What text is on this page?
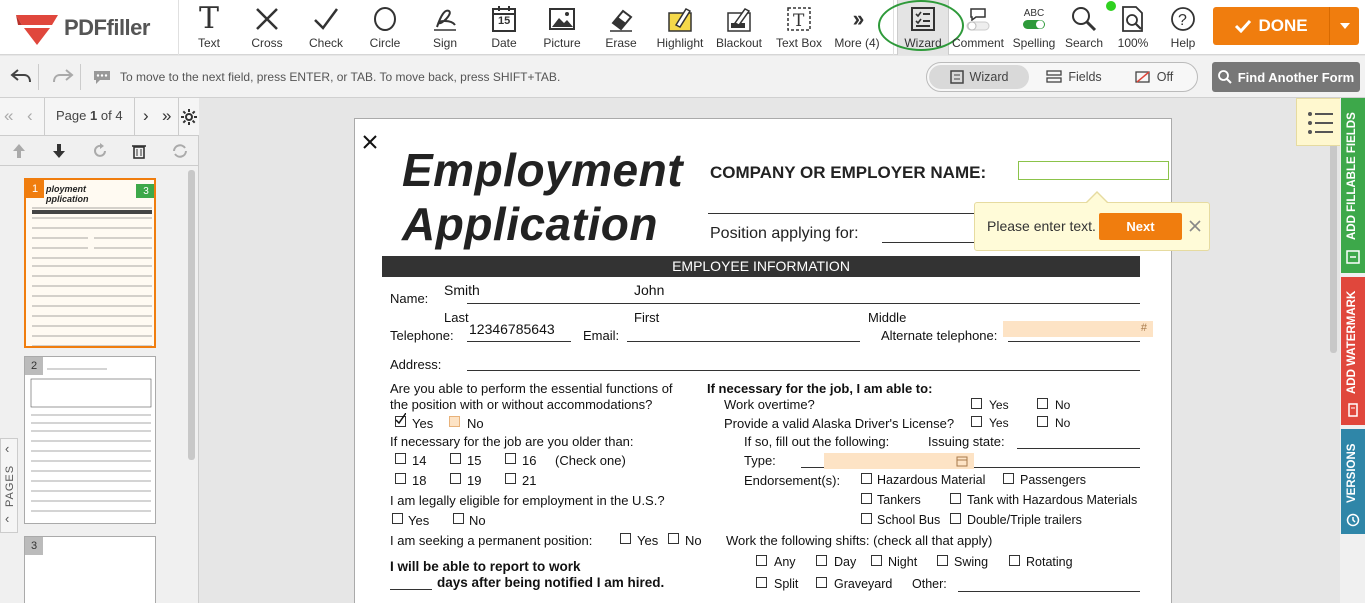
PDFfiller T
Text	Cross Check Circle	Sign
15
Date Picture Erase Highlight Blackout
T
Text Box
››
More (4) Wizard Comment
ABC
Spelling Search 100%
?
Help
DONE
To move to the next field, press ENTER, or TAB. To move back, press SHIFT+TAB.	Wizard	Fields	Off	Find Another Form
« ‹ Page 1 of 4 › »
1 ployment
pplication
3
2
3
‹
PAGES
‹
Employment
Application
COMPANY OR EMPLOYER NAME:
Position applying for:
EMPLOYEE INFORMATION
Name:
Smith	John
Last	First	Middle
Telephone: 12346785643 Email:	Alternate telephone:	#
Address:
Are you able to perform the essential functions of
the position with or without accommodations?
Yes	No
If necessary for the job are you older than:
14	15	16 (Check one)
18	19	21
I am legally eligible for employment in the U.S.?
Yes	No
I am seeking a permanent position:	Yes No
I will be able to report to work
days after being notified I am hired.
If necessary for the job, I am able to:
Work overtime?	Yes	No
Provide a valid Alaska Driver's License?	Yes	No
If so, fill out the following:	Issuing state:
Type:
Endorsement(s):	Hazardous Material	Passengers
Tankers	Tank with Hazardous Materials
School Bus Double/Triple trailers
Work the following shifts: (check all that apply)
Any	Day	Night	Swing	Rotating
Split	Graveyard Other:
Please enter text.	Next	ADD FILLABLE FIELDS
ADD WATERMARK
VERSIONS
